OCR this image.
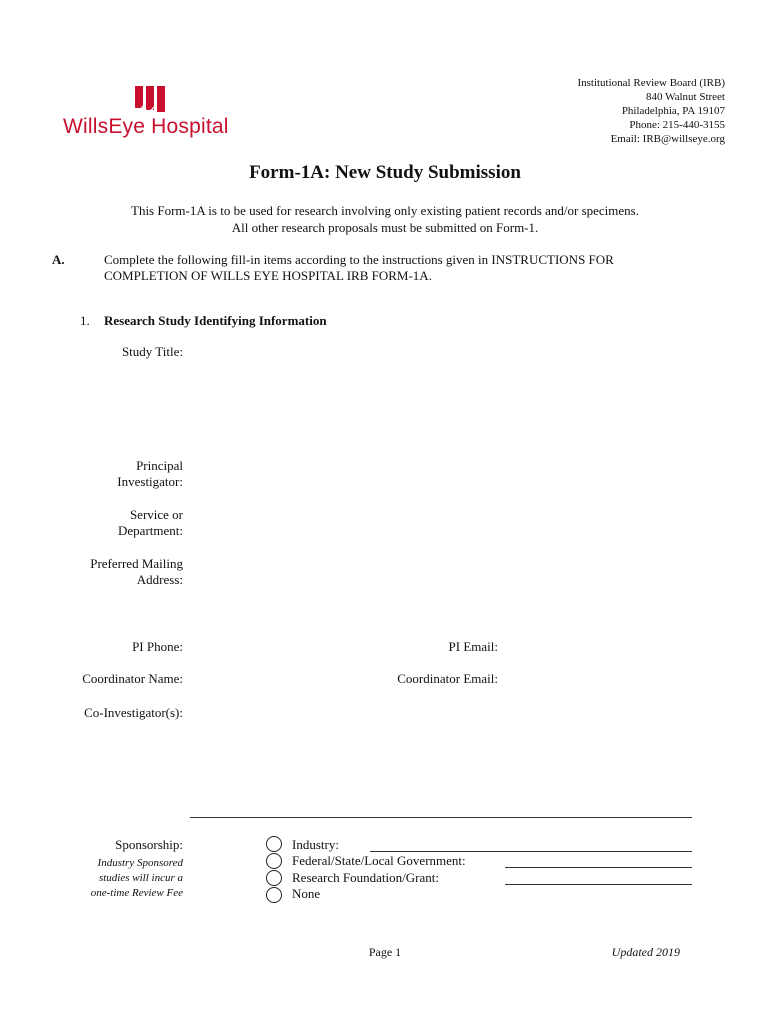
WillsEye Hospital
Institutional Review Board (IRB)
840 Walnut Street
Philadelphia, PA 19107
Phone: 215-440-3155
Email: IRB@willseye.org
Form-1A: New Study Submission
This Form-1A is to be used for research involving only existing patient records and/or specimens.
All other research proposals must be submitted on Form-1.
A.	Complete the following fill-in items according to the instructions given in INSTRUCTIONS FOR
COMPLETION OF WILLS EYE HOSPITAL IRB FORM-1A.
1. Research Study Identifying Information
Study Title:
Principal
Investigator:
Service or
Department:
Preferred Mailing
Address:
PI Phone:	PI Email:
Coordinator Name:	Coordinator Email:
Co-Investigator(s):
Sponsorship:
Industry Sponsored
studies will incur a
one-time Review Fee
Industry:
Federal/State/Local Government:
Research Foundation/Grant:
None
Page 1	Updated 2019
